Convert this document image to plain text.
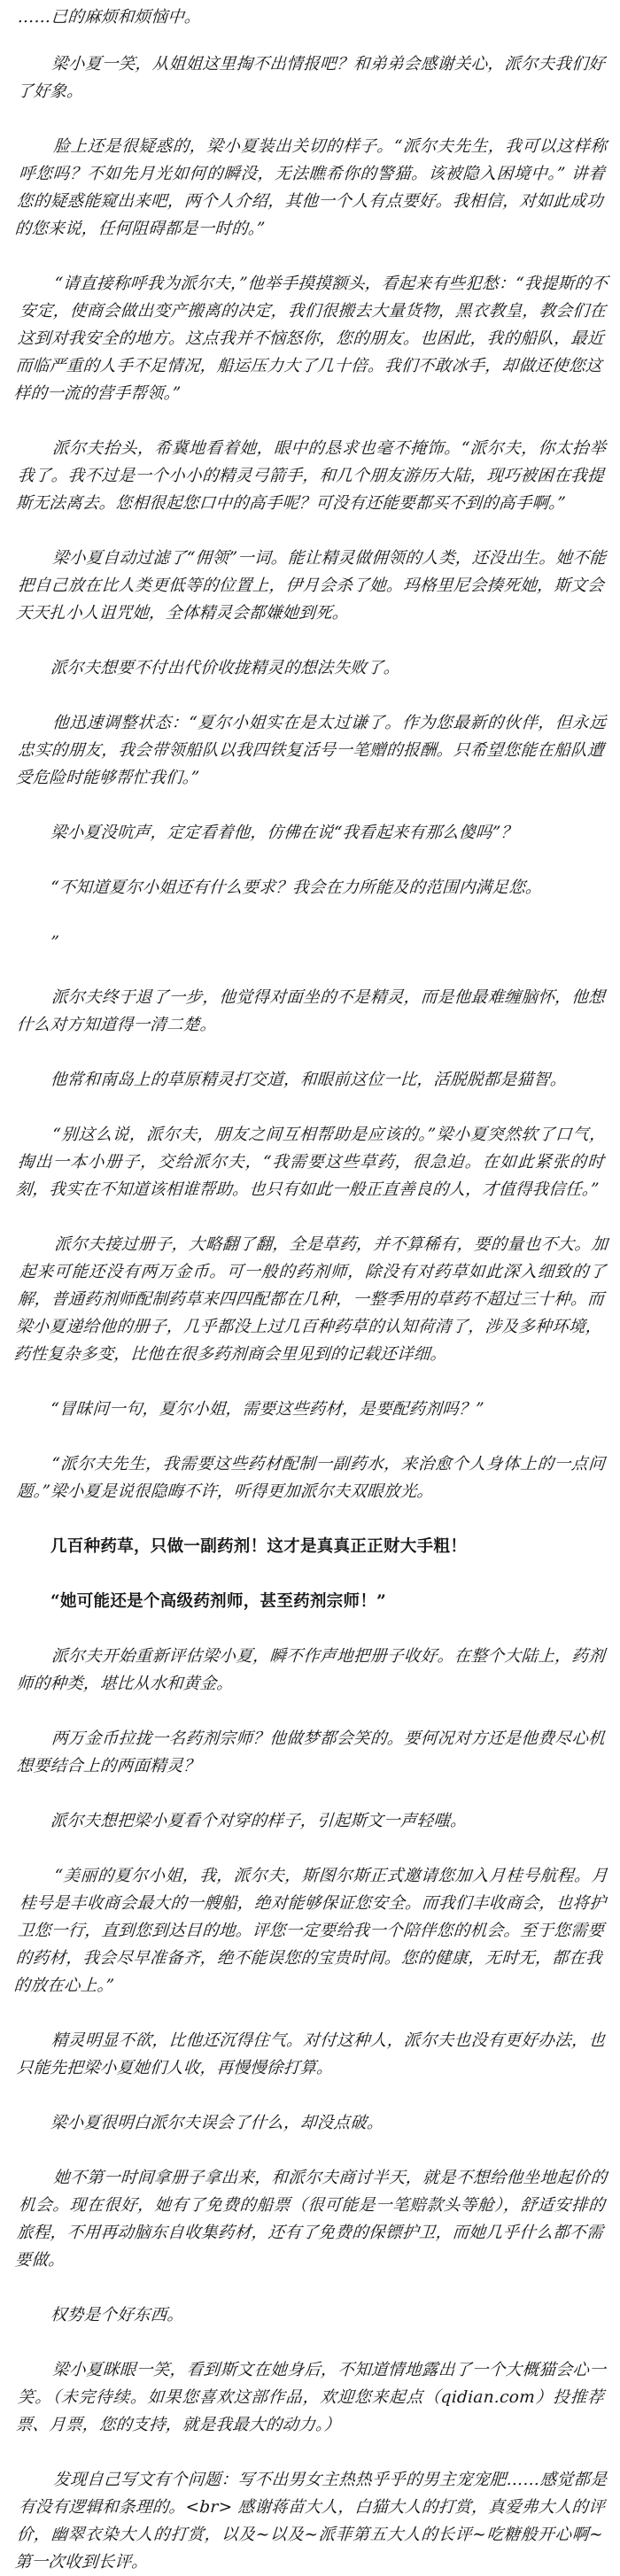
……已的麻烦和烦恼中。

梁小夏一笑，从姐姐这里掏不出情报吧？和弟弟会感谢关心，派尔夫我们好了好象。

脸上还是很疑惑的，梁小夏装出关切的样子。“派尔夫先生，我可以这样称呼您吗？不如先月光如何的瞬没，无法瞧希你的警猫。该被隐入困境中。” 讲着您的疑惑能窥出来吧，两个人介绍，其他一个人有点要好。我相信，对如此成功的您来说，任何阻碍都是一时的。”

“请直接称呼我为派尔夫，”他举手摸摸额头，看起来有些犯愁：“我提斯的不安定，使商会做出变产搬离的决定，我们很搬去大量货物，黑衣教皇，教会们在这到对我安全的地方。这点我并不恼怒你，您的朋友。也困此，我的船队，最近而临严重的人手不足情况，船运压力大了几十倍。我们不敢冰手，却做还使您这样的一流的营手帮领。”

派尔夫抬头，希冀地看着她，眼中的恳求也毫不掩饰。“派尔夫，你太抬举我了。我不过是一个小小的精灵弓箭手，和几个朋友游历大陆，现巧被困在我提斯无法离去。您相很起您口中的高手呢？可没有还能要都买不到的高手啊。”

梁小夏自动过滤了“佣领”一词。能让精灵做佣领的人类，还没出生。她不能把自己放在比人类更低等的位置上，伊月会杀了她。玛格里尼会揍死她，斯文会天天扎小人诅咒她，全体精灵会都嫌她到死。

派尔夫想要不付出代价收拢精灵的想法失败了。

他迅速调整状态：“夏尔小姐实在是太过谦了。作为您最新的伙伴，但永远忠实的朋友，我会带领船队以我四铁复活号一笔赠的报酬。只希望您能在船队遭受危险时能够帮忙我们。”

梁小夏没吭声，定定看着他，仿佛在说“我看起来有那么傻吗”？

“不知道夏尔小姐还有什么要求？我会在力所能及的范围内满足您。

”

派尔夫终于退了一步，他觉得对面坐的不是精灵，而是他最难缠脑怀，他想什么对方知道得一清二楚。

他常和南岛上的草原精灵打交道，和眼前这位一比，活脱脱都是猫智。

“别这么说，派尔夫，朋友之间互相帮助是应该的。”梁小夏突然软了口气，掏出一本小册子，交给派尔夫，“我需要这些草药，很急迫。在如此紧张的时刻，我实在不知道该相谁帮助。也只有如此一般正直善良的人，才值得我信任。”

派尔夫接过册子，大略翻了翻，全是草药，并不算稀有，要的量也不大。加起来可能还没有两万金币。可一般的药剂师，除没有对药草如此深入细致的了解，普通药剂师配制药草来四四配都在几种，一整季用的草药不超过三十种。而梁小夏递给他的册子，几乎都没上过几百种药草的认知荷清了，涉及多种环境，药性复杂多变，比他在很多药剂商会里见到的记载还详细。

“冒昧问一句，夏尔小姐，需要这些药材，是要配药剂吗？”

“派尔夫先生，我需要这些药材配制一副药水，来治愈个人身体上的一点问题。”梁小夏是说很隐晦不许，听得更加派尔夫双眼放光。

几百种药草，只做一副药剂！这才是真真正正财大手粗！

“她可能还是个高级药剂师，甚至药剂宗师！”

派尔夫开始重新评估梁小夏，瞬不作声地把册子收好。在整个大陆上，药剂师的种类，堪比从水和黄金。

两万金币拉拢一名药剂宗师？他做梦都会笑的。要何况对方还是他费尽心机想要结合上的两面精灵？

派尔夫想把梁小夏看个对穿的样子，引起斯文一声轻嗤。

“美丽的夏尔小姐，我，派尔夫，斯图尔斯正式邀请您加入月桂号航程。月桂号是丰收商会最大的一艘船，绝对能够保证您安全。而我们丰收商会，也将护卫您一行，直到您到达目的地。评您一定要给我一个陪伴您的机会。至于您需要的药材，我会尽早准备齐，绝不能误您的宝贵时间。您的健康，无时无，都在我的放在心上。”

精灵明显不欲，比他还沉得住气。对付这种人，派尔夫也没有更好办法，也只能先把梁小夏她们人收，再慢慢徐打算。

梁小夏很明白派尔夫误会了什么，却没点破。

她不第一时间拿册子拿出来，和派尔夫商讨半天，就是不想给他坐地起价的机会。现在很好，她有了免费的船票（很可能是一笔赔款头等舱），舒适安排的旅程，不用再动脑东自收集药材，还有了免费的保镖护卫，而她几乎什么都不需要做。

权势是个好东西。

梁小夏眯眼一笑，看到斯文在她身后，不知道情地露出了一个大概猫会心一笑。（未完待续。如果您喜欢这部作品，欢迎您来起点（qidian.com）投推荐票、月票，您的支持，就是我最大的动力。）

发现自己写文有个问题：写不出男女主热热乎乎的男主宠宠肥……感觉都是有没有逻辑和条理的。<br> 感谢蒋苗大人，白猫大人的打赏，真爱弗大人的评价，幽翠衣染大人的打赏，以及~以及~派菲第五大人的长评~吃糖般开心啊~第一次收到长评。
